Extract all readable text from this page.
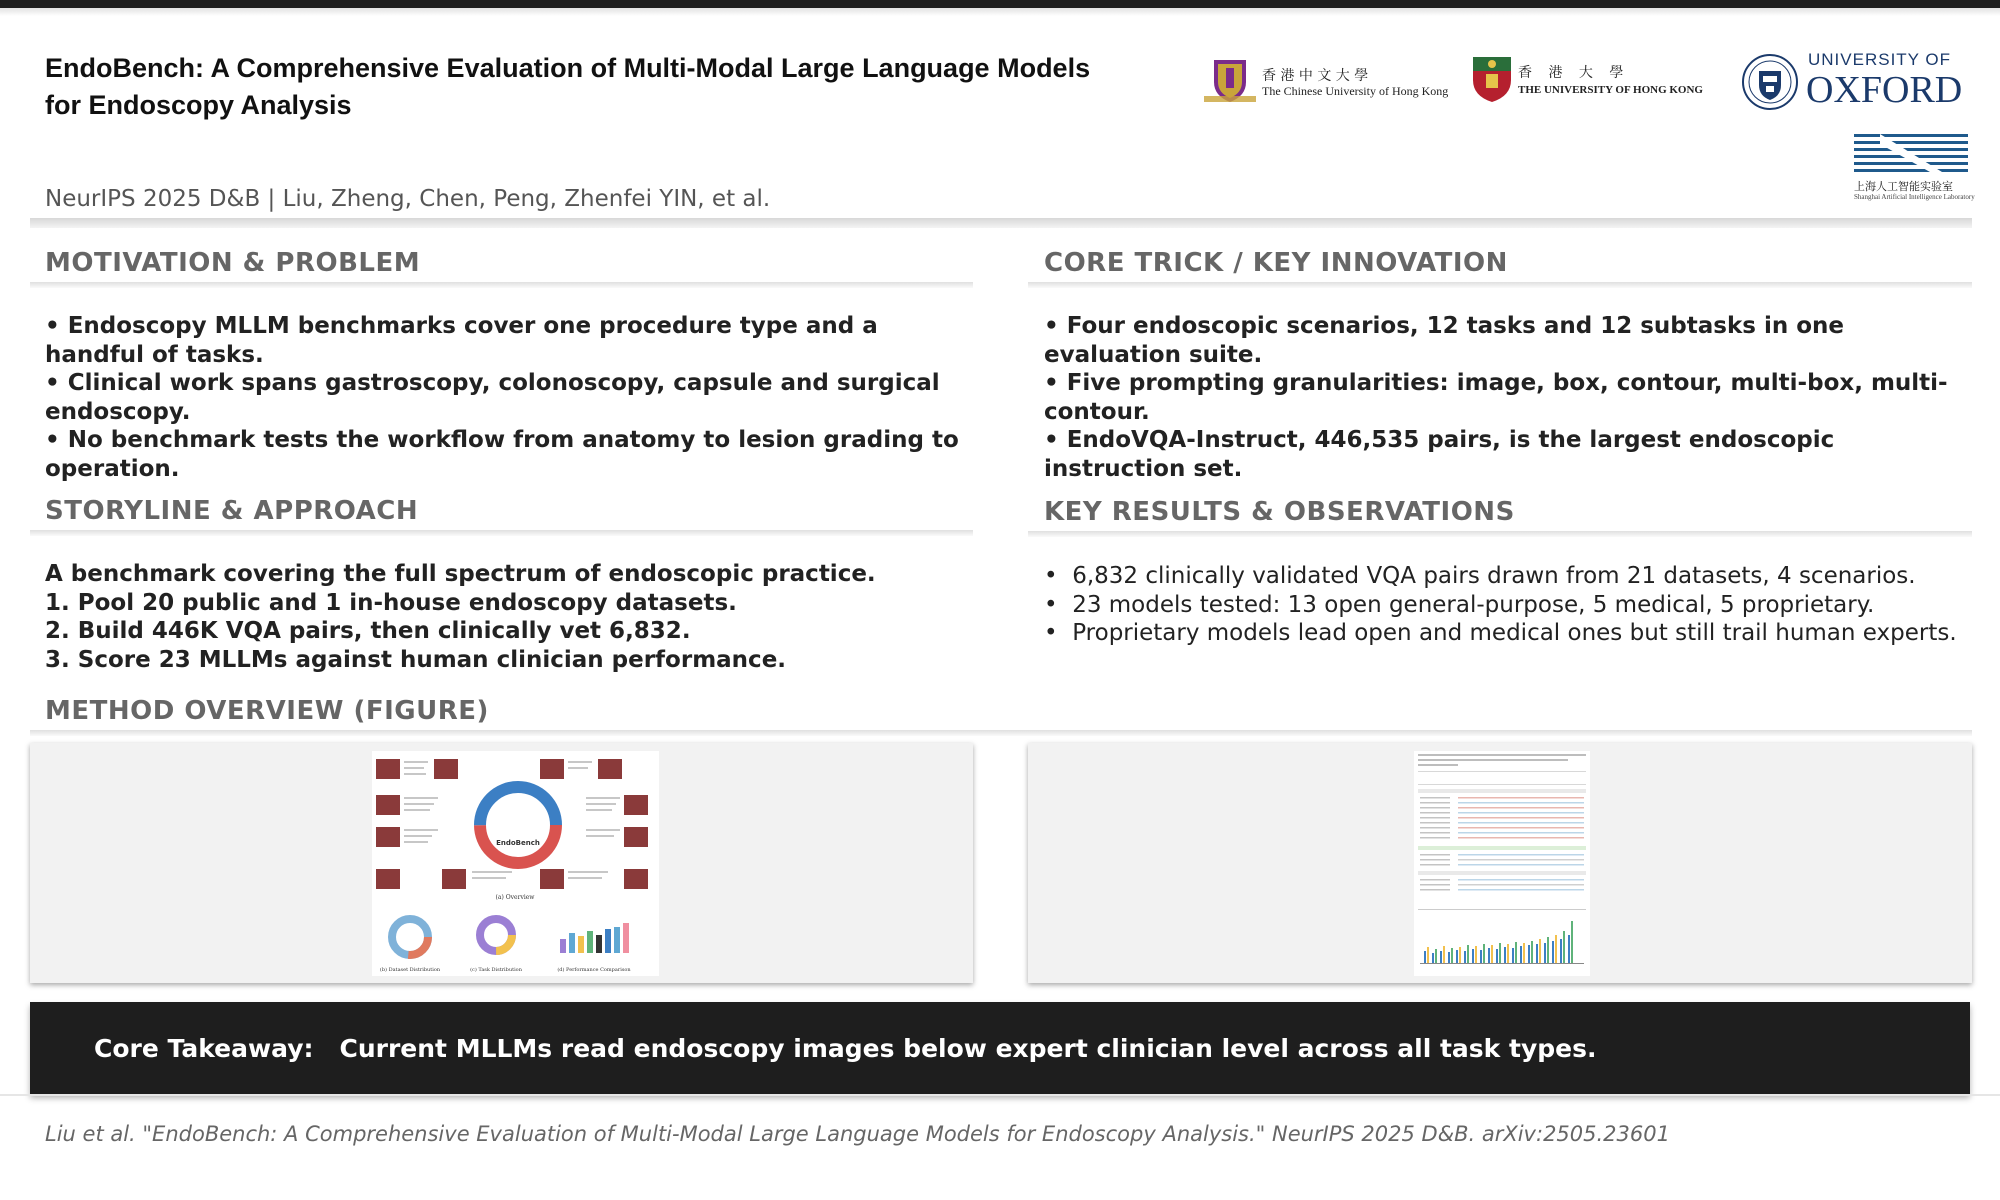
EndoBench: A Comprehensive Evaluation of Multi-Modal Large Language Models for Endoscopy Analysis
NeurIPS 2025 D&B | Liu, Zheng, Chen, Peng, Zhenfei YIN, et al.
香 港 中 文 大 學
The Chinese University of Hong Kong
香 港 大 學
THE UNIVERSITY OF HONG KONG
UNIVERSITY OF
OXFORD
上海人工智能实验室
Shanghai Artificial Intelligence Laboratory
MOTIVATION & PROBLEM
• Endoscopy MLLM benchmarks cover one procedure type and a handful of tasks.
• Clinical work spans gastroscopy, colonoscopy, capsule and surgical endoscopy.
• No benchmark tests the workflow from anatomy to lesion grading to operation.
CORE TRICK / KEY INNOVATION
• Four endoscopic scenarios, 12 tasks and 12 subtasks in one evaluation suite.
• Five prompting granularities: image, box, contour, multi-box, multi-contour.
• EndoVQA-Instruct, 446,535 pairs, is the largest endoscopic instruction set.
STORYLINE & APPROACH
A benchmark covering the full spectrum of endoscopic practice.
1. Pool 20 public and 1 in-house endoscopy datasets.
2. Build 446K VQA pairs, then clinically vet 6,832.
3. Score 23 MLLMs against human clinician performance.
KEY RESULTS & OBSERVATIONS
•  6,832 clinically validated VQA pairs drawn from 21 datasets, 4 scenarios.
•  23 models tested: 13 open general-purpose, 5 medical, 5 proprietary.
•  Proprietary models lead open and medical ones but still trail human experts.
METHOD OVERVIEW (FIGURE)
EndoBench
(a) Overview
(b) Dataset Distribution	(c) Task Distribution	(d) Performance Comparison
Core Takeaway: Current MLLMs read endoscopy images below expert clinician level across all task types.
Liu et al. "EndoBench: A Comprehensive Evaluation of Multi-Modal Large Language Models for Endoscopy Analysis." NeurIPS 2025 D&B. arXiv:2505.23601
